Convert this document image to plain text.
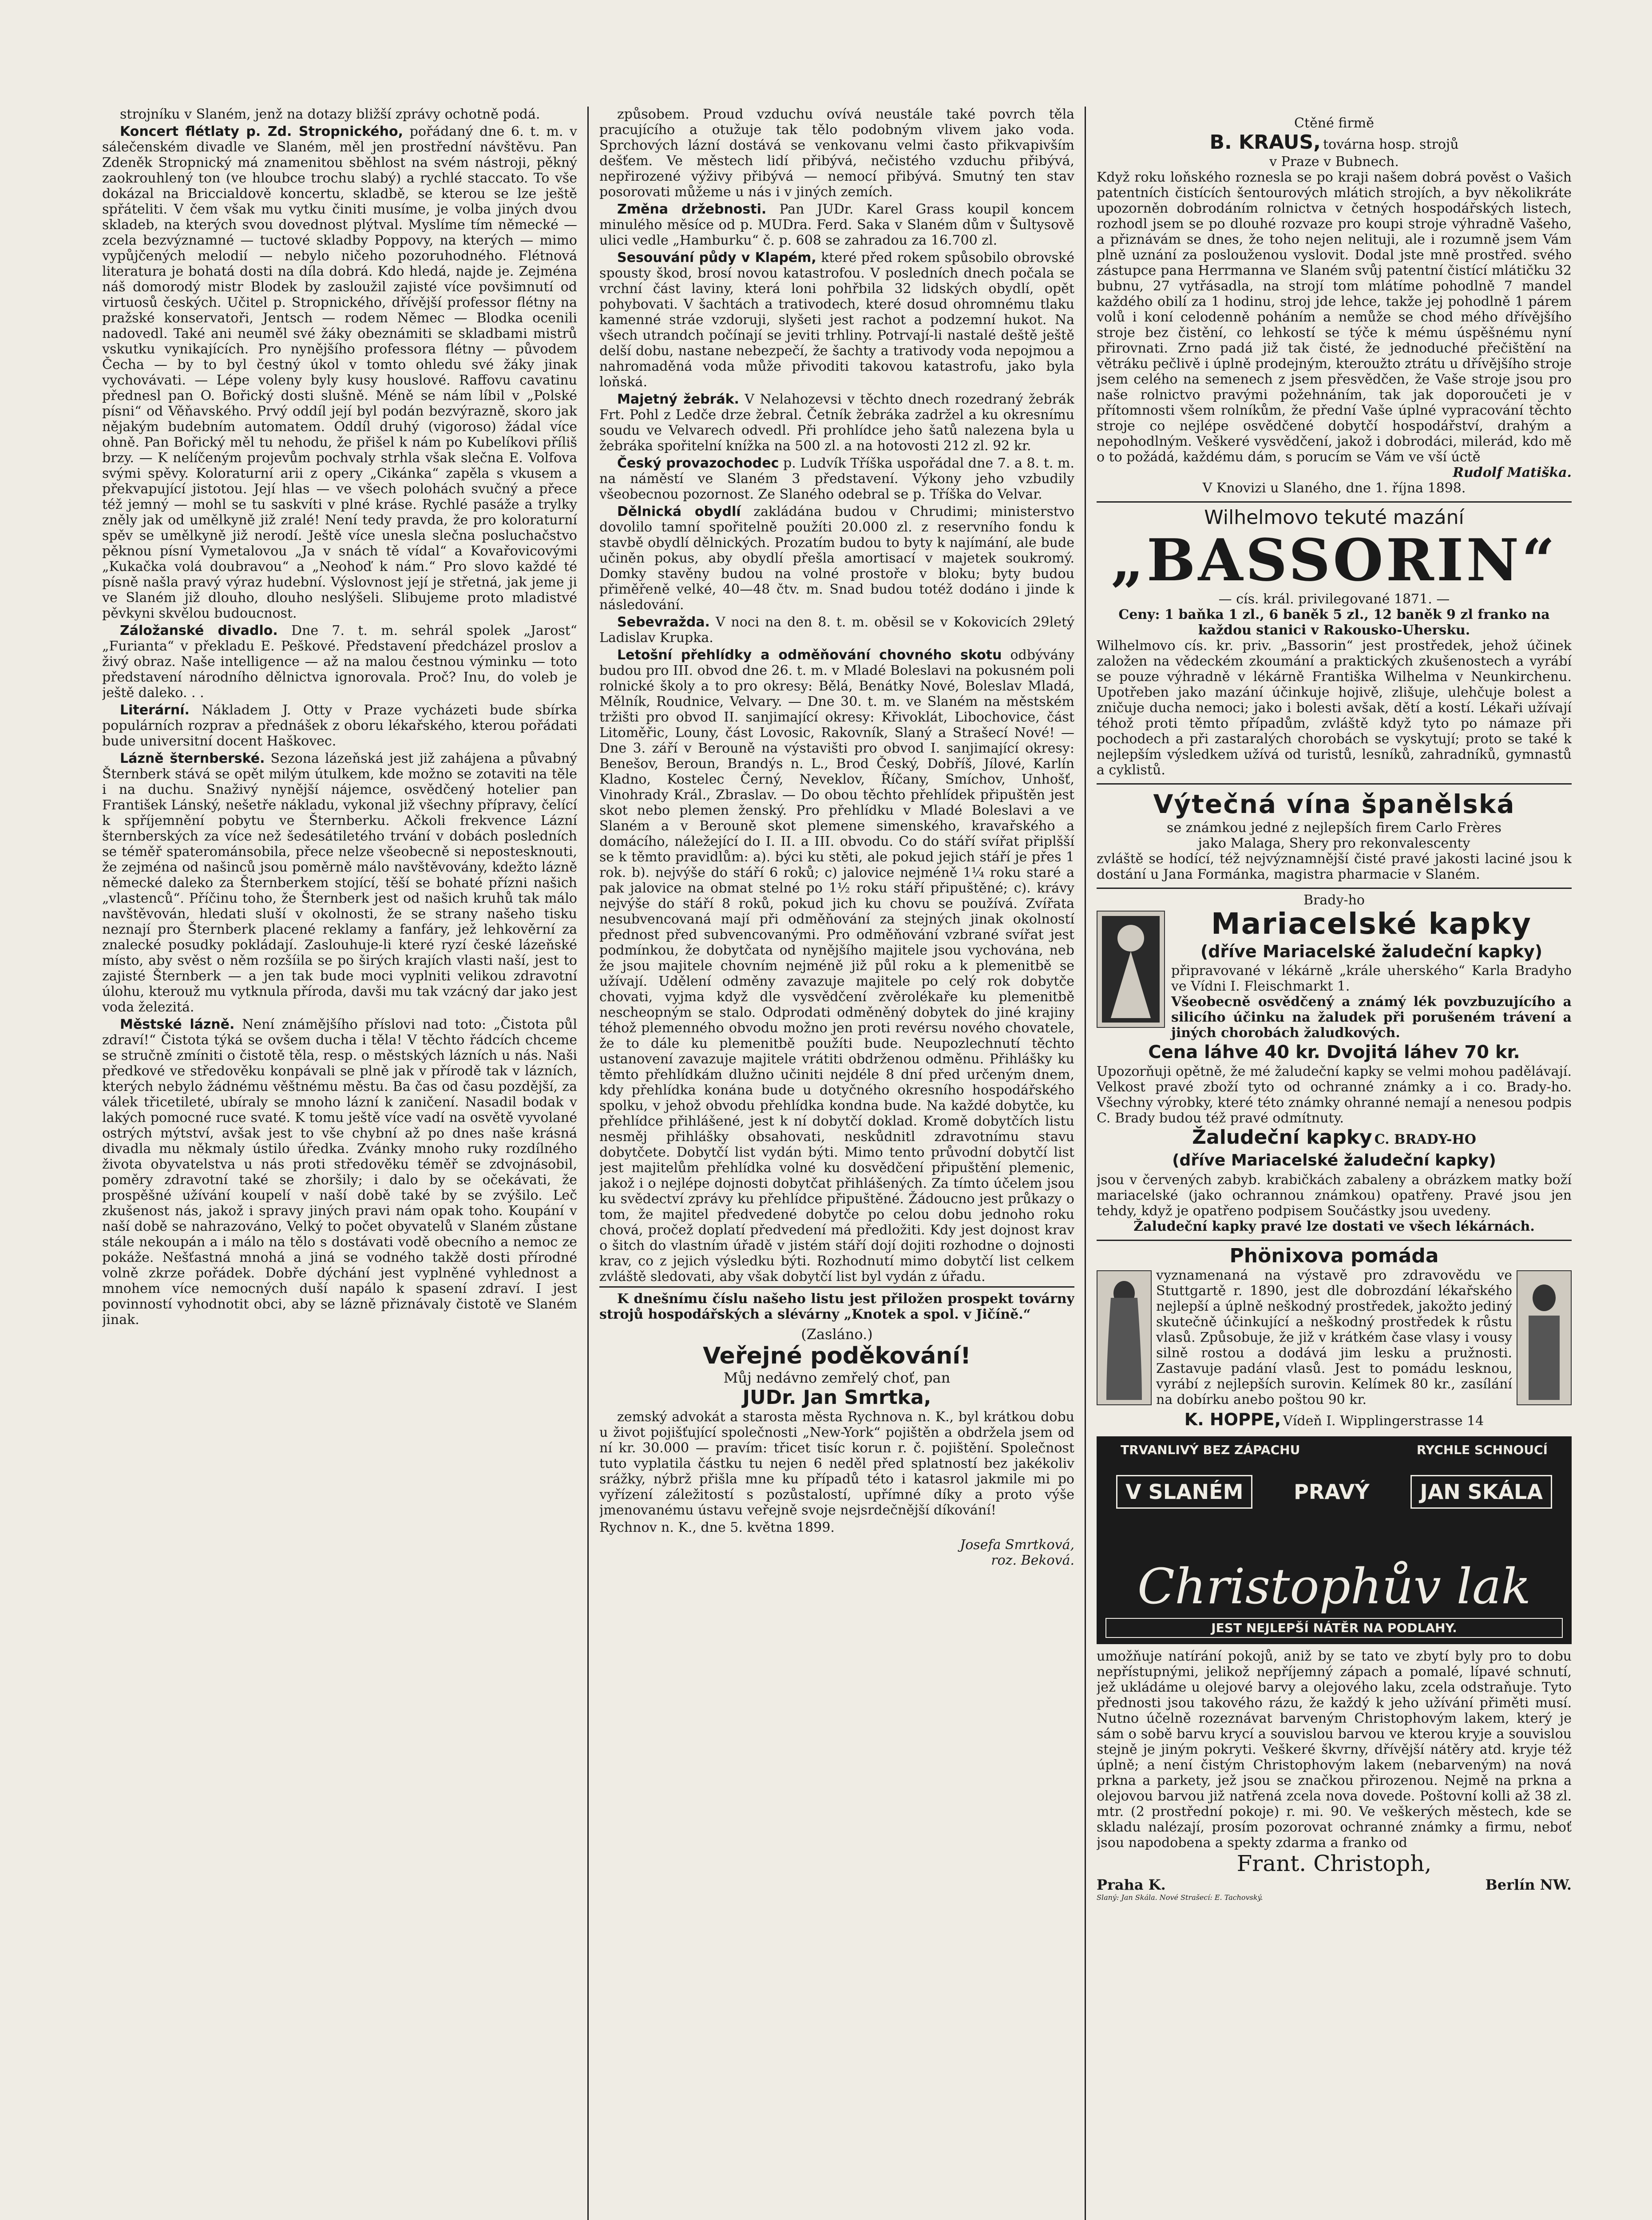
strojníku v Slaném, jenž na dotazy bližší zprávy ochotně podá.
Koncert flétlaty p. Zd. Stropnického, pořádaný dne 6. t. m. v sálečenském divadle ve Slaném, měl jen prostřední návštěvu. Pan Zdeněk Stropnický má znamenitou sběhlost na svém nástroji, pěkný zaokrouhlený ton (ve hloubce trochu slabý) a rychlé staccato. To vše dokázal na Briccialdově koncertu, skladbě, se kterou se lze ještě spřáteliti. V čem však mu vytku činiti musíme, je volba jiných dvou skladeb, na kterých svou dovednost plýtval. Myslíme tím německé — zcela bezvýznamné — tuctové skladby Poppovy, na kterých — mimo vypůjčených melodií — nebylo ničeho pozoruhodného. Flétnová literatura je bohatá dosti na díla dobrá. Kdo hledá, najde je. Zejména náš domorodý mistr Blodek by zasloužil zajisté více povšimnutí od virtuosů českých. Učitel p. Stropnického, dřívější professor flétny na pražské konservatoři, Jentsch — rodem Němec — Blodka ocenili nadovedl. Také ani neuměl své žáky obeznámiti se skladbami mistrů vskutku vynikajících. Pro nynějšího professora flétny — původem Čecha — by to byl čestný úkol v tomto ohledu své žáky jinak vychovávati. — Lépe voleny byly kusy houslové. Raffovu cavatinu přednesl pan O. Bořický dosti slušně. Méně se nám líbil v „Polské písni“ od Věňavského. Prvý oddíl její byl podán bezvýrazně, skoro jak nějakým budebním automatem. Oddíl druhý (vigoroso) žádal více ohně. Pan Bořický měl tu nehodu, že přišel k nám po Kubelíkovi příliš brzy. — K nelíčeným projevům pochvaly strhla však slečna E. Volfova svými spěvy. Koloraturní arii z opery „Cikánka“ zapěla s vkusem a překvapující jistotou. Její hlas — ve všech polohách svučný a přece též jemný — mohl se tu saskvíti v plné kráse. Rychlé pasáže a trylky zněly jak od umělkyně již zralé! Není tedy pravda, že pro koloraturní spěv se umělkyně již nerodí. Ještě více unesla slečna posluchačstvo pěknou písní Vymetalovou „Ja v snách tě vídal“ a Kovařovicovými „Kukačka volá doubravou“ a „Neohoď k nám.“ Pro slovo každé té písně našla pravý výraz hudební. Výslovnost její je střetná, jak jeme ji ve Slaném již dlouho, dlouho neslýšeli. Slibujeme proto mladistvé pěvkyni skvělou budoucnost.
Záložanské divadlo. Dne 7. t. m. sehrál spolek „Jarost“ „Furianta“ v překladu E. Peškové. Představení předcházel proslov a živý obraz. Naše intelligence — až na malou čestnou výminku — toto představení národního dělnictva ignorovala. Proč? Inu, do voleb je ještě daleko. . .
Literární. Nákladem J. Otty v Praze vycházeti bude sbírka populárních rozprav a přednášek z oboru lékařského, kterou pořádati bude universitní docent Haškovec.
Lázně šternberské. Sezona lázeňská jest již zahájena a půvabný Šternberk stává se opět milým útulkem, kde možno se zotaviti na těle i na duchu. Snaživý nynější nájemce, osvědčený hotelier pan František Lánský, nešetře nákladu, vykonal již všechny přípravy, čelící k spříjemnění pobytu ve Šternberku. Ačkoli frekvence Lázní šternberských za více než šedesátiletého trvání v dobách posledních se téměř spaterománsobila, přece nelze všeobecně si nepostesknouti, že zejména od našinců jsou poměrně málo navštěvovány, kdežto lázně německé daleko za Šternberkem stojící, těší se bohaté přízni našich „vlastenců“. Příčinu toho, že Šternberk jest od našich kruhů tak málo navštěvován, hledati sluší v okolnosti, že se strany našeho tisku neznají pro Šternberk placené reklamy a fanfáry, jež lehkověrní za znalecké posudky pokládají. Zaslouhuje-li které ryzí české lázeňské místo, aby svěst o něm rozšíila se po širých krajích vlasti naší, jest to zajisté Šternberk — a jen tak bude moci vyplniti velikou zdravotní úlohu, kterouž mu vytknula příroda, davši mu tak vzácný dar jako jest voda železitá.
Městské lázně. Není známějšího příslovi nad toto: „Čistota půl zdraví!“ Čistota týká se ovšem ducha i těla! V těchto řádcích chceme se stručně zmíniti o čistotě těla, resp. o městských lázních u nás. Naši předkové ve středověku konpávali se plně jak v přírodě tak v lázních, kterých nebylo žádnému věštnému městu. Ba čas od času pozdější, za válek třicetileté, ubíraly se mnoho lázní k zaničení. Nasadil bodak v lakých pomocné ruce svaté. K tomu ještě více vadí na osvětě vyvolané ostrých mýtství, avšak jest to vše chybní až po dnes naše krásná divadla mu někmaly ústilo úředka. Zvánky mnoho ruky rozdílného života obyvatelstva u nás proti středověku téměř se zdvojnásobil, poměry zdravotní také se zhoršily; i dalo by se očekávati, že prospěšné užívání koupelí v naší době také by se zvýšilo. Leč zkušenost nás, jakož i spravy jiných pravi nám opak toho. Koupání v naší době se nahrazováno, Velký to počet obyvatelů v Slaném zůstane stále nekoupán a i málo na tělo s dostávati vodě obecního a nemoc ze pokáže. Nešťastná mnohá a jiná se vodného takžě dosti přírodné volně zkrze pořádek. Dobře dýchání jest vyplněné vyhlednost a mnohem více nemocných duší napálo k spasení zdraví. I jest povinností vyhodnotit obci, aby se lázně přiznávaly čistotě ve Slaném jinak.
způsobem. Proud vzduchu ovívá neustále také povrch těla pracujícího a otužuje tak tělo podobným vlivem jako voda. Sprchových lázní dostává se venkovanu velmi často přikvapivším dešťem. Ve městech lidí přibývá, nečistého vzduchu přibývá, nepřirozené výživy přibývá — nemocí přibývá. Smutný ten stav posorovati můžeme u nás i v jiných zemích.
Změna držebnosti. Pan JUDr. Karel Grass koupil koncem minulého měsíce od p. MUDra. Ferd. Saka v Slaném dům v Šultysově ulici vedle „Hamburku“ č. p. 608 se zahradou za 16.700 zl.
Sesouvání půdy v Klapém, které před rokem spůsobilo obrovské spousty škod, brosí novou katastrofou. V posledních dnech počala se vrchní část laviny, která loni pohřbila 32 lidských obydlí, opět pohybovati. V šachtách a trativodech, které dosud ohromnému tlaku kamenné stráe vzdoruji, slyšeti jest rachot a podzemní hukot. Na všech utrandch počínají se jeviti trhliny. Potrvají-li nastalé deště ještě delší dobu, nastane nebezpečí, že šachty a trativody voda nepojmou a nahromaděná voda může přivoditi takovou katastrofu, jako byla loňská.
Majetný žebrák. V Nelahozevsi v těchto dnech rozedraný žebrák Frt. Pohl z Ledče drze žebral. Četník žebráka zadržel a ku okresnímu soudu ve Velvarech odvedl. Při prohlídce jeho šatů nalezena byla u žebráka spořitelní knížka na 500 zl. a na hotovosti 212 zl. 92 kr.
Český provazochodec p. Ludvík Tříška uspořádal dne 7. a 8. t. m. na náměstí ve Slaném 3 představení. Výkony jeho vzbudily všeobecnou pozornost. Ze Slaného odebral se p. Tříška do Velvar.
Dělnická obydlí zakládána budou v Chrudimi; ministerstvo dovolilo tamní spořitelně použíti 20.000 zl. z reservního fondu k stavbě obydlí dělnických. Prozatím budou to byty k najímání, ale bude učiněn pokus, aby obydlí přešla amortisací v majetek soukromý. Domky stavěny budou na volné prostoře v bloku; byty budou přiměřeně velké, 40—48 čtv. m. Snad budou totéž dodáno i jinde k následování.
Sebevražda. V noci na den 8. t. m. oběsil se v Kokovicích 29letý Ladislav Krupka.
Letošní přehlídky a odměňování chovného skotu odbývány budou pro III. obvod dne 26. t. m. v Mladé Boleslavi na pokusném poli rolnické školy a to pro okresy: Bělá, Benátky Nové, Boleslav Mladá, Mělník, Roudnice, Velvary. — Dne 30. t. m. ve Slaném na městském tržišti pro obvod II. sanjimající okresy: Křivoklát, Libochovice, část Litoměřic, Louny, část Lovosic, Rakovník, Slaný a Strašecí Nové! — Dne 3. září v Berouně na výstavišti pro obvod I. sanjimající okresy: Benešov, Beroun, Brandýs n. L., Brod Český, Dobříš, Jílové, Karlín Kladno, Kostelec Černý, Neveklov, Říčany, Smíchov, Unhošť, Vinohrady Král., Zbraslav. — Do obou těchto přehlídek připuštěn jest skot nebo plemen ženský. Pro přehlídku v Mladé Boleslavi a ve Slaném a v Berouně skot plemene simenského, kravařského a domácího, náležející do I. II. a III. obvodu. Co do stáří svířat připlšší se k těmto pravidlům: a). býci ku stěti, ale pokud jejich stáří je přes 1 rok. b). nejvýše do stáří 6 roků; c) jalovice nejméně 1¼ roku staré a pak jalovice na obmat stelné po 1½ roku stáří připuštěné; c). krávy nejvýše do stáří 8 roků, pokud jich ku chovu se používá. Zvířata nesubvencovaná mají při odměňování za stejných jinak okolností přednost před subvencovanými. Pro odměňování vzbrané svířat jest podmínkou, že dobytčata od nynějšího majitele jsou vychována, neb že jsou majitele chovním nejméně již půl roku a k plemenitbě se užívají. Udělení odměny zavazuje majitele po celý rok dobytče chovati, vyjma když dle vysvědčení zvěrolékaře ku plemenitbě nescheopným se stalo. Odprodati odměněný dobytek do jiné krajiny téhož plemenného obvodu možno jen proti revérsu nového chovatele, že to dále ku plemenitbě použíti bude. Neupozlechnutí těchto ustanovení zavazuje majitele vrátiti obdrženou odměnu. Přihlášky ku těmto přehlídkám dlužno učiniti nejdéle 8 dní před určeným dnem, kdy přehlídka konána bude u dotyčného okresního hospodářského spolku, v jehož obvodu přehlídka kondna bude. Na každé dobytče, ku přehlídce přihlášené, jest k ní dobytčí doklad. Kromě dobytčích listu nesměj přihlášky obsahovati, neskůdnitl zdravotnímu stavu dobytčete. Dobytčí list vydán býti. Mimo tento průvodní dobytčí list jest majitelům přehlídka volné ku dosvědčení připuštění plemenic, jakož i o nejlépe dojnosti dobytčat přihlášených. Za tímto účelem jsou ku svědectví zprávy ku přehlídce připuštěné. Žádoucno jest průkazy o tom, že majitel předvedené dobytče po celou dobu jednoho roku chová, pročež doplatí předvedení má předložiti. Kdy jest dojnost krav o šitch do vlastním úřadě v jistém stáří dojí dojiti rozhodne o dojnosti krav, co z jejich výsledku býti. Rozhodnutí mimo dobytčí list celkem zvláště sledovati, aby však dobytčí list byl vydán z úřadu.
K dnešnímu číslu našeho listu jest přiložen prospekt továrny strojů hospodářských a slévárny „Knotek a spol. v Jičíně.“
(Zasláno.)
Veřejné poděkování!
Můj nedávno zemřelý choť, pan
JUDr. Jan Smrtka,
zemský advokát a starosta města Rychnova n. K., byl krátkou dobu u život pojišťující společnosti „New-York“ pojištěn a obdržela jsem od ní kr. 30.000 — pravím: třicet tisíc korun r. č. pojištění. Společnost tuto vyplatila částku tu nejen 6 neděl před splatností bez jakékoliv srážky, nýbrž přišla mne ku případů této i katasrol jakmile mi po vyřízení záležitostí s pozůstalostí, upřímné díky a proto výše jmenovanému ústavu veřejně svoje nejsrdečnější díkování!
Rychnov n. K., dne 5. května 1899.
Josefa Smrtková,
roz. Beková.
Ctěné firmě
B. KRAUS, továrna hosp. strojů
v Praze v Bubnech.
Když roku loňského roznesla se po kraji našem dobrá pověst o Vašich patentních čistících šentourových mlátich strojích, a byv několikráte upozorněn dobrodáním rolnictva v četných hospodářských listech, rozhodl jsem se po dlouhé rozvaze pro koupi stroje výhradně Vašeho, a přiznávám se dnes, že toho nejen nelituji, ale i rozumně jsem Vám plně uznání za poslouženou vyslovit. Dodal jste mně prostřed. svého zástupce pana Herrmanna ve Slaném svůj patentní čistící mlátičku 32 bubnu, 27 vytřásadla, na strojí tom mlátíme pohodlně 7 mandel každého obilí za 1 hodinu, stroj jde lehce, takže jej pohodlně 1 párem volů i koní celodenně poháním a nemůže se chod mého dřívějšího stroje bez čistění, co lehkostí se týče k mému úspěšnému nyní přirovnati. Zrno padá již tak čisté, že jednoduché přečištění na větráku pečlivě i úplně prodejným, kteroužto ztrátu u dřívějšího stroje jsem celého na semenech z jsem přesvědčen, že Vaše stroje jsou pro naše rolnictvo pravými požehnáním, tak jak doporoučeti je v přítomnosti všem rolníkům, že přední Vaše úplné vypracování těchto stroje co nejlépe osvědčené dobytčí hospodářství, drahým a nepohodlným. Veškeré vysvědčení, jakož i dobrodáci, milerád, kdo mě o to požádá, každému dám, s porucím se Vám ve vší úctě
Rudolf Matiška.
V Knovizi u Slaného, dne 1. října 1898.
Wilhelmovo tekuté mazání
„BASSORIN“
— cís. král. privilegované 1871. —
Ceny: 1 baňka 1 zl., 6 baněk 5 zl., 12 baněk 9 zl franko na každou stanici v Rakousko-Uhersku.
Wilhelmovo cís. kr. priv. „Bassorin“ jest prostředek, jehož účinek založen na vědeckém zkoumání a praktických zkušenostech a vyrábí se pouze výhradně v lékárně Františka Wilhelma v Neunkirchenu. Upotřeben jako mazání účinkuje hojivě, zlišuje, ulehčuje bolest a zničuje ducha nemoci; jako i bolesti avšak, dětí a kostí. Lékaři užívají téhož proti těmto případům, zvláště když tyto po námaze při pochodech a při zastaralých chorobách se vyskytují; proto se také k nejlepším výsledkem užívá od turistů, lesníků, zahradníků, gymnastů a cyklistů.
Výtečná vína španělská
se známkou jedné z nejlepších firem Carlo Frères
jako Malaga, Shery pro rekonvalescenty
zvláště se hodící, též nejvýznamnější čisté pravé jakosti laciné jsou k dostání u Jana Formánka, magistra pharmacie v Slaném.
Brady-ho
Mariacelské kapky
(dříve Mariacelské žaludeční kapky)
připravované v lékárně „krále uherského“ Karla Bradyho ve Vídni I. Fleischmarkt 1.
Všeobecně osvědčený a známý lék povzbuzujícího a silicího účinku na žaludek při porušeném trávení a jiných chorobách žaludkových.
Cena láhve 40 kr. Dvojitá láhev 70 kr.
Upozorňuji opětně, že mé žaludeční kapky se velmi mohou padělávají. Velkost pravé zboží tyto od ochranné známky a i co. Brady-ho. Všechny výrobky, které této známky ohranné nemají a nenesou podpis C. Brady budou též pravé odmítnuty.
Žaludeční kapky C. BRADY-HO
(dříve Mariacelské žaludeční kapky)
jsou v červených zabyb. krabičkách zabaleny a obrázkem matky boží mariacelské (jako ochrannou známkou) opatřeny. Pravé jsou jen tehdy, když je opatřeno podpisem Součástky jsou uvedeny.
Žaludeční kapky pravé lze dostati ve všech lékárnách.
Phönixova pomáda
vyznamenaná na výstavě pro zdravovědu ve Stuttgartě r. 1890, jest dle dobrozdání lékařského nejlepší a úplně neškodný prostředek, jakožto jediný skutečně účinkující a neškodný prostředek k růstu vlasů. Způsobuje, že již v krátkém čase vlasy i vousy silně rostou a dodává jim lesku a pružnosti. Zastavuje padání vlasů. Jest to pomádu lesknou, vyrábí z nejlepších surovin. Kelímek 80 kr., zasílání na dobírku anebo poštou 90 kr.
K. HOPPE, Vídeň I. Wipplingerstrasse 14
TRVANLIVÝ BEZ ZÁPACHU	RYCHLE SCHNOUCÍ
V SLANÉM	PRAVÝ	JAN SKÁLA
Christophův lak
JEST NEJLEPŠÍ NÁTĚR NA PODLAHY.
umožňuje natírání pokojů, aniž by se tato ve zbytí byly pro to dobu nepřístupnými, jelikož nepříjemný zápach a pomalé, lípavé schnutí, jež ukládáme u olejové barvy a olejového laku, zcela odstraňuje. Tyto přednosti jsou takového rázu, že každý k jeho užívání přiměti musí. Nutno účelně rozeznávat barveným Christophovým lakem, který je sám o sobě barvu krycí a souvislou barvou ve kterou kryje a souvislou stejně je jiným pokryti. Veškeré škvrny, dřívější nátěry atd. kryje též úplně; a není čistým Christophovým lakem (nebarveným) na nová prkna a parkety, jež jsou se značkou přirozenou. Nejmě na prkna a olejovou barvou již natřená zcela nova dovede. Poštovní kolli až 38 zl. mtr. (2 prostřední pokoje) r. mi. 90. Ve veškerých městech, kde se skladu nalézají, prosím pozorovat ochranné známky a firmu, neboť jsou napodobena a spekty zdarma a franko od
Frant. Christoph,
Praha K.	Berlín NW.
Slaný: Jan Skála. Nové Strašecí: E. Tachovský.
